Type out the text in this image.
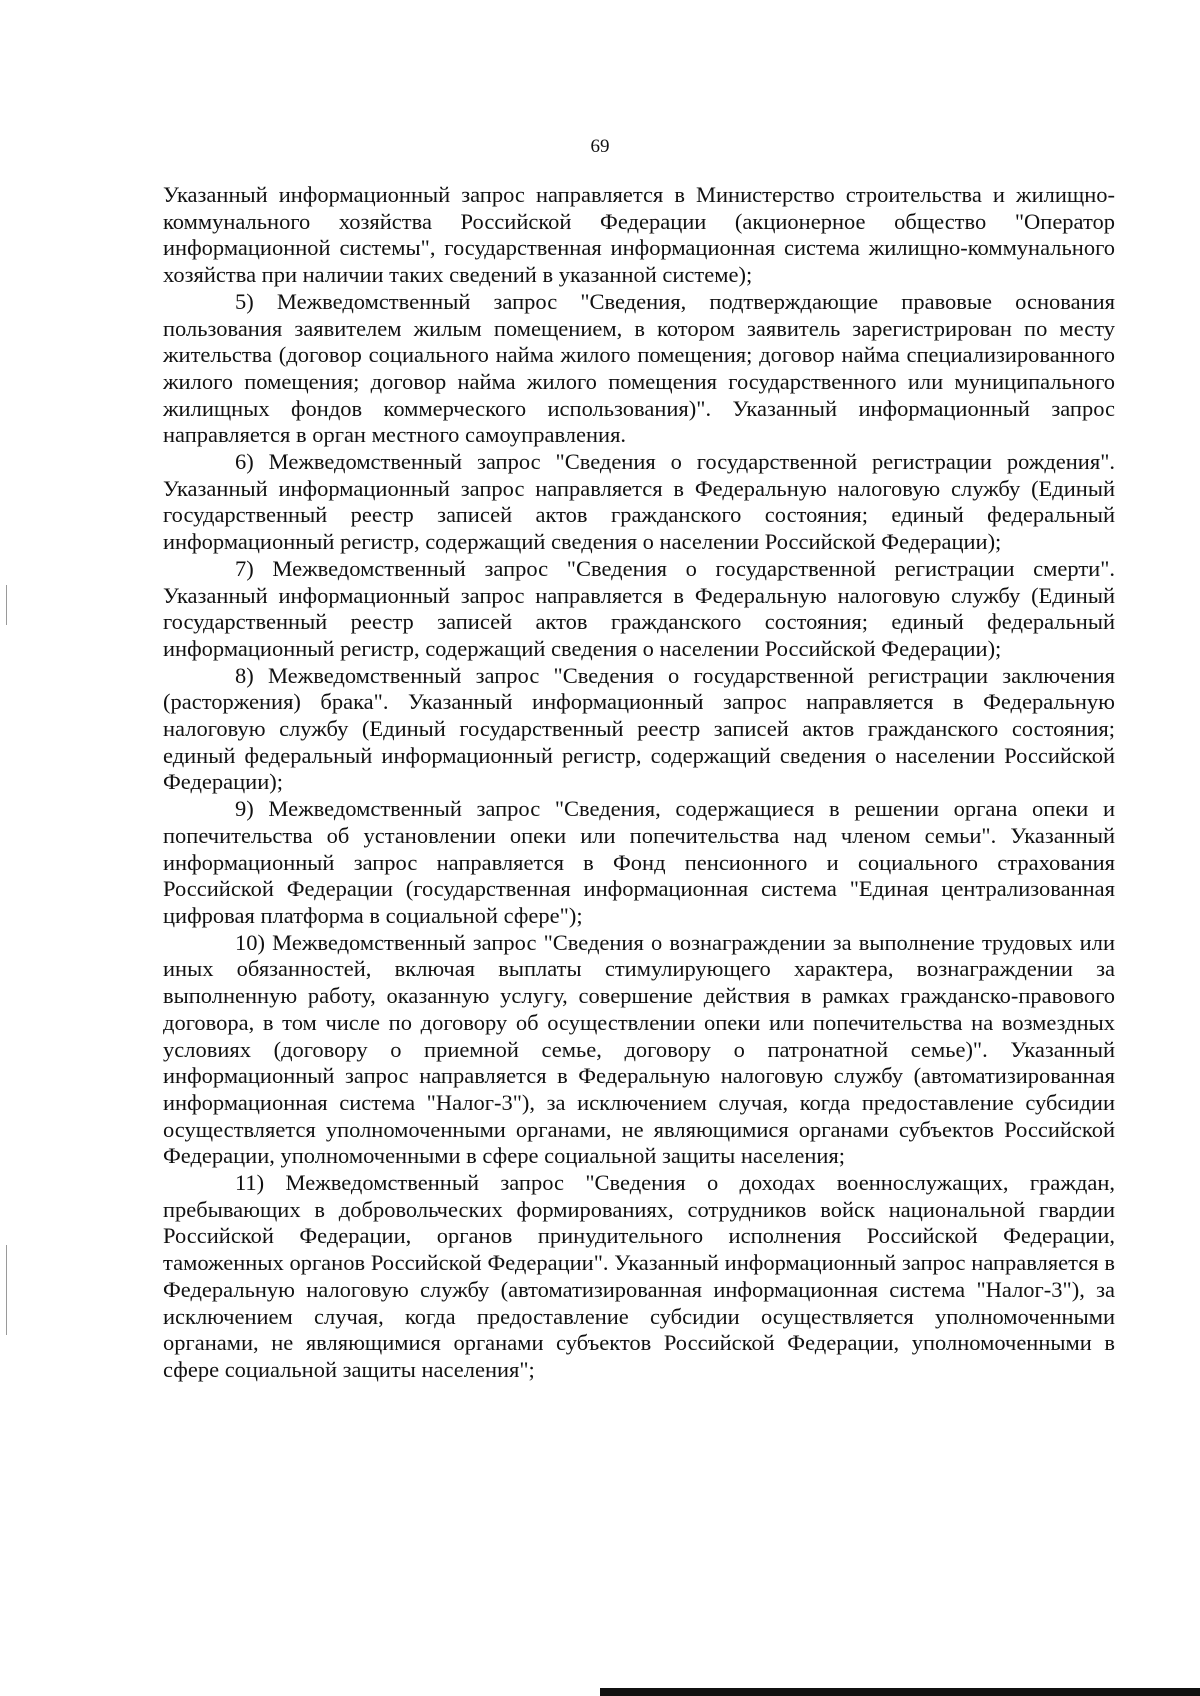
69

Указанный информационный запрос направляется в Министерство строительства и жилищно-коммунального хозяйства Российской Федерации (акционерное общество "Оператор информационной системы", государственная информационная система жилищно-коммунального хозяйства при наличии таких сведений в указанной системе);

5) Межведомственный запрос "Сведения, подтверждающие правовые основания пользования заявителем жилым помещением, в котором заявитель зарегистрирован по месту жительства (договор социального найма жилого помещения; договор найма специализированного жилого помещения; договор найма жилого помещения государственного или муниципального жилищных фондов коммерческого использования)". Указанный информационный запрос направляется в орган местного самоуправления.

6) Межведомственный запрос "Сведения о государственной регистрации рождения". Указанный информационный запрос направляется в Федеральную налоговую службу (Единый государственный реестр записей актов гражданского состояния; единый федеральный информационный регистр, содержащий сведения о населении Российской Федерации);

7) Межведомственный запрос "Сведения о государственной регистрации смерти". Указанный информационный запрос направляется в Федеральную налоговую службу (Единый государственный реестр записей актов гражданского состояния; единый федеральный информационный регистр, содержащий сведения о населении Российской Федерации);

8) Межведомственный запрос "Сведения о государственной регистрации заключения (расторжения) брака". Указанный информационный запрос направляется в Федеральную налоговую службу (Единый государственный реестр записей актов гражданского состояния; единый федеральный информационный регистр, содержащий сведения о населении Российской Федерации);

9) Межведомственный запрос "Сведения, содержащиеся в решении органа опеки и попечительства об установлении опеки или попечительства над членом семьи". Указанный информационный запрос направляется в Фонд пенсионного и социального страхования Российской Федерации (государственная информационная система "Единая централизованная цифровая платформа в социальной сфере");

10) Межведомственный запрос "Сведения о вознаграждении за выполнение трудовых или иных обязанностей, включая выплаты стимулирующего характера, вознаграждении за выполненную работу, оказанную услугу, совершение действия в рамках гражданско-правового договора, в том числе по договору об осуществлении опеки или попечительства на возмездных условиях (договору о приемной семье, договору о патронатной семье)". Указанный информационный запрос направляется в Федеральную налоговую службу (автоматизированная информационная система "Налог-3"), за исключением случая, когда предоставление субсидии осуществляется уполномоченными органами, не являющимися органами субъектов Российской Федерации, уполномоченными в сфере социальной защиты населения;

11) Межведомственный запрос "Сведения о доходах военнослужащих, граждан, пребывающих в добровольческих формированиях, сотрудников войск национальной гвардии Российской Федерации, органов принудительного исполнения Российской Федерации, таможенных органов Российской Федерации". Указанный информационный запрос направляется в Федеральную налоговую службу (автоматизированная информационная система "Налог-3"), за исключением случая, когда предоставление субсидии осуществляется уполномоченными органами, не являющимися органами субъектов Российской Федерации, уполномоченными в сфере социальной защиты населения";
